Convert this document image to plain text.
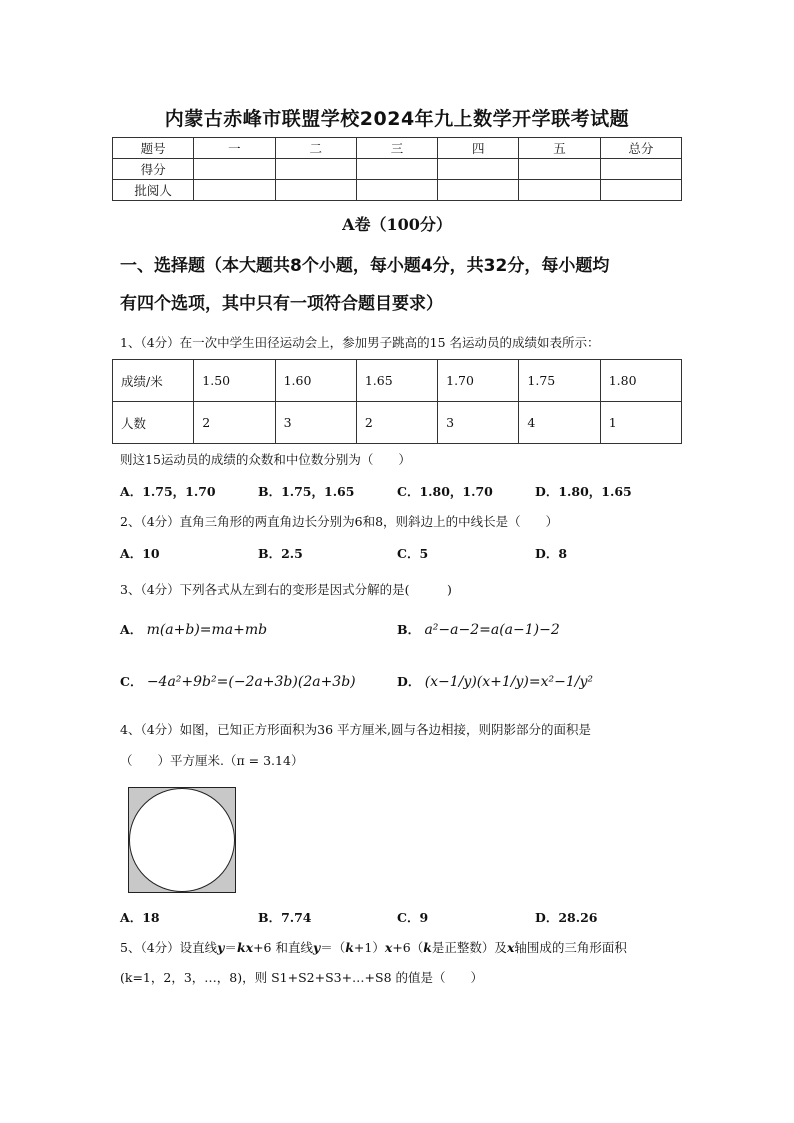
内蒙古赤峰市联盟学校2024年九上数学开学联考试题
题号	一	二	三	四	五	总分
得分						
批阅人						
A卷（100分）
一、选择题（本大题共8个小题，每小题4分，共32分，每小题均
有四个选项，其中只有一项符合题目要求）
1、（4分）在一次中学生田径运动会上，参加男子跳高的15 名运动员的成绩如表所示：
成绩/米	1.50	1.60	1.65	1.70	1.75	1.80
人数	2	3	2	3	4	1
则这15运动员的成绩的众数和中位数分别为（　　）
A．1.75，1.70	B．1.75，1.65	C．1.80，1.70	D．1.80，1.65
2、（4分）直角三角形的两直角边长分别为6和8，则斜边上的中线长是（　　）
A．10	B．2.5	C．5	D．8
3、（4分）下列各式从左到右的变形是因式分解的是(　　　)
A． m(a+b)=ma+mb	B． a²−a−2=a(a−1)−2
C． −4a²+9b²=(−2a+3b)(2a+3b)	D． (x−1/y)(x+1/y)=x²−1/y²
4、（4分）如图，已知正方形面积为36 平方厘米,圆与各边相接，则阴影部分的面积是
（　　）平方厘米.（π = 3.14）
A．18	B．7.74	C．9	D．28.26
5、（4分）设直线y＝kx+6 和直线y＝（k+1）x+6（k是正整数）及x轴围成的三角形面积
(k=1，2，3，…，8)，则 S1+S2+S3+…+S8 的值是（　　）
